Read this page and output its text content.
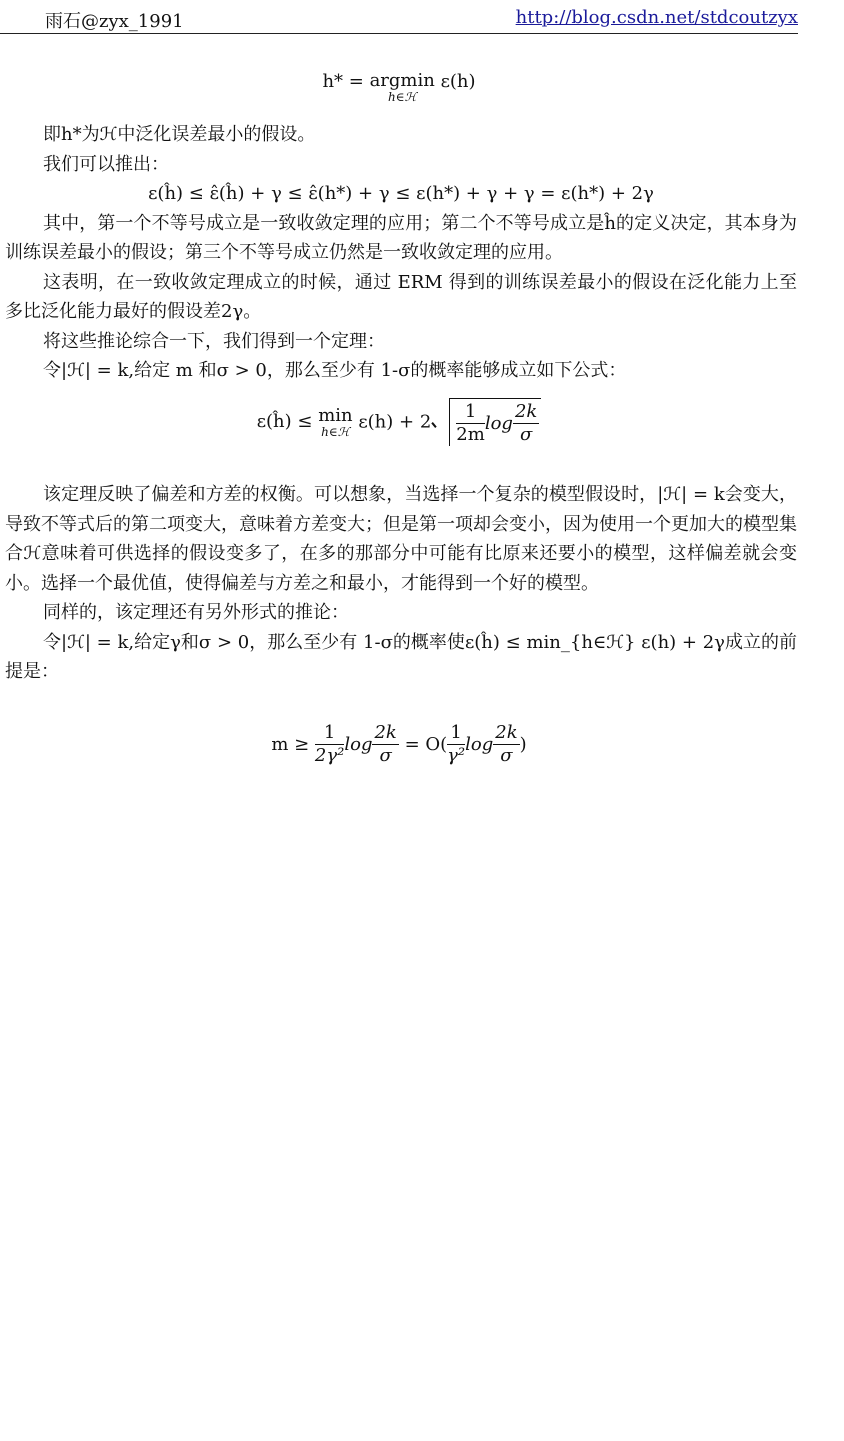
雨石@zyx_1991	http://blog.csdn.net/stdcoutzyx
h* = argmin
h∈ℋ
ε(h)

即h*为ℋ中泛化误差最小的假设。

我们可以推出：

ε(ĥ) ≤ ε̂(ĥ) + γ ≤ ε̂(h*) + γ ≤ ε(h*) + γ + γ = ε(h*) + 2γ

其中，第一个不等号成立是一致收敛定理的应用；第二个不等号成立是ĥ的定义决定，其本身为训练误差最小的假设；第三个不等号成立仍然是一致收敛定理的应用。

这表明，在一致收敛定理成立的时候，通过 ERM 得到的训练误差最小的假设在泛化能力上至多比泛化能力最好的假设差2γ。

将这些推论综合一下，我们得到一个定理：

令|ℋ| = k,给定 m 和σ > 0，那么至少有 1-σ的概率能够成立如下公式：

ε(ĥ) ≤ min
h∈ℋ $\varepsilon(h) + 2 \frac{1}{2m}$ $\log \frac{2k}{\sigma}$

该定理反映了偏差和方差的权衡。可以想象，当选择一个复杂的模型假设时，|ℋ| = k会变大，导致不等式后的第二项变大，意味着方差变大；但是第一项却会变小，因为使用一个更加大的模型集合ℋ意味着可供选择的假设变多了，在多的那部分中可能有比原来还要小的模型，这样偏差就会变小。选择一个最优值，使得偏差与方差之和最小，才能得到一个好的模型。

同样的，该定理还有另外形式的推论：

令|ℋ| = k,给定γ和σ > 0，那么至少有 1-σ的概率使ε(ĥ) ≤ min_{h∈ℋ} ε(h) + 2γ成立的前提是：

$m \ge \frac{1}{\text{2γ²}}$ $\log \frac{2k}{\sigma} = O( \frac{1}{\text{γ²}}$ $\log \frac{2k}{\sigma}$ )
